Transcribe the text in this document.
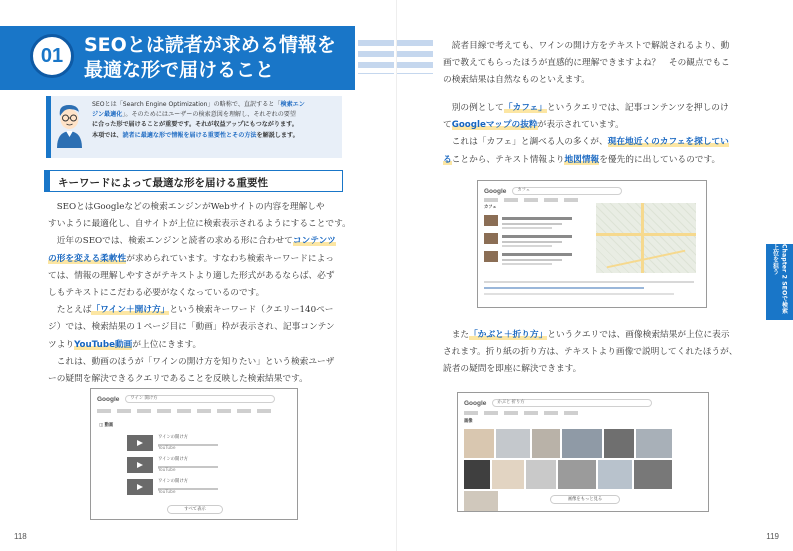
01	SEOとは読者が求める情報を
最適な形で届けること
SEOとは「Search Engine Optimization」の略称で、直訳すると「検索エン
ジン最適化」。そのためにはユーザーの検索意図を理解し、それぞれの要望
に合った形で届けることが重要です。それが収益アップにもつながります。
本項では、読者に最適な形で情報を届ける重要性とその方法を解説します。
キーワードによって最適な形を届ける重要性

　SEOとはGoogleなどの検索エンジンがWebサイトの内容を理解しや

すいように最適化し、自サイトが上位に検索表示されるようにすることです。

　近年のSEOでは、検索エンジンと読者の求める形に合わせてコンテンツ

の形を変える柔軟性が求められています。すなわち検索キーワードによっ

ては、情報の理解しやすさがテキストより適した形式があるならば、必ず

しもテキストにこだわる必要がなくなっているのです。

　たとえば「ワイン＋開け方」という検索キーワード（クエリー140ペー

ジ）では、検索結果の１ページ目に「動画」枠が表示され、記事コンテン

ツよりYouTube動画が上位にきます。

　これは、動画のほうが「ワインの開け方を知りたい」という検索ユーザ

ーの疑問を解決できるクエリであることを反映した検索結果です。

Google	ワイン 開け方
◫ 動画
ワインの開け方
YouTube
ワインの開け方
YouTube
ワインの開け方
YouTube
すべて表示
118

　読者目線で考えても、ワインの開け方をテキストで解説されるより、動

画で教えてもらったほうが直感的に理解できますよね？　その観点でもこ

の検索結果は自然なものといえます。

　別の例として「カフェ」というクエリでは、記事コンテンツを押しのけ

てGoogleマップの抜粋が表示されています。

　これは「カフェ」と調べる人の多くが、現在地近くのカフェを探してい

ることから、テキスト情報より地図情報を優先的に出しているのです。

Google	カフェ
カフェ

　また「かぶと＋折り方」というクエリでは、画像検索結果が上位に表示

されます。折り紙の折り方は、テキストより画像で説明してくれたほうが、

読者の疑問を即座に解決できます。

Google	かぶと 折り方
画像
画像をもっと見る
Chapter 2 SEOで検索上位を狙う
119
